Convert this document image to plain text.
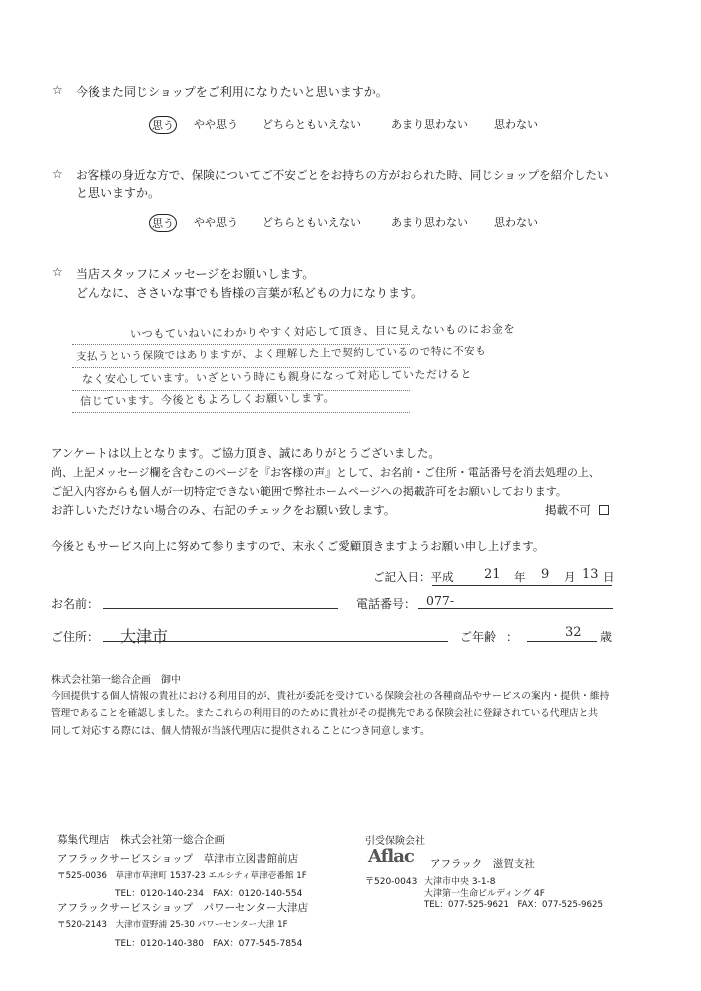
☆ 今後また同じショップをご利用になりたいと思いますか。
思う やや思う どちらともいえない	あまり思わない 思わない
☆ お客様の身近な方で、保険についてご不安ごとをお持ちの方がおられた時、同じショップを紹介したい
と思いますか。
思う やや思う どちらともいえない	あまり思わない 思わない
☆ 当店スタッフにメッセージをお願いします。
どんなに、ささいな事でも皆様の言葉が私どもの力になります。
いつもていねいにわかりやすく対応して頂き、目に見えないものにお金を
支払うという保険ではありますが、よく理解した上で契約しているので特に不安も
なく安心しています。いざという時にも親身になって対応していただけると
信じています。今後ともよろしくお願いします。
アンケートは以上となります。ご協力頂き、誠にありがとうございました。
尚、上記メッセージ欄を含むこのページを『お客様の声』として、お名前・ご住所・電話番号を消去処理の上、
ご記入内容からも個人が一切特定できない範囲で弊社ホームページへの掲載許可をお願いしております。
お許しいただけない場合のみ、右記のチェックをお願い致します。	掲載不可
今後ともサービス向上に努めて参りますので、末永くご愛顧頂きますようお願い申し上げます。
ご記入日：平成 21 年 9 月 13 日
お名前：	電話番号： 077-
ご住所： 大津市	ご年齢 ：	32 歳
株式会社第一総合企画　御中
今回提供する個人情報の貴社における利用目的が、貴社が委託を受けている保険会社の各種商品やサービスの案内・提供・維持
管理であることを確認しました。またこれらの利用目的のために貴社がその提携先である保険会社に登録されている代理店と共
同して対応する際には、個人情報が当該代理店に提供されることにつき同意します。
募集代理店　株式会社第一総合企画
アフラックサービスショップ　草津市立図書館前店
〒525-0036　草津市草津町 1537-23 エルシティ草津壱番館 1F
TEL：0120-140-234　FAX：0120-140-554
アフラックサービスショップ　パワーセンター大津店
〒520-2143　大津市萱野浦 25-30 パワーセンター大津 1F
TEL：0120-140-380　FAX：077-545-7854
引受保険会社
Aflac アフラック　滋賀支社
〒520-0043 大津市中央 3-1-8
大津第一生命ビルディング 4F
TEL：077-525-9621　FAX：077-525-9625
